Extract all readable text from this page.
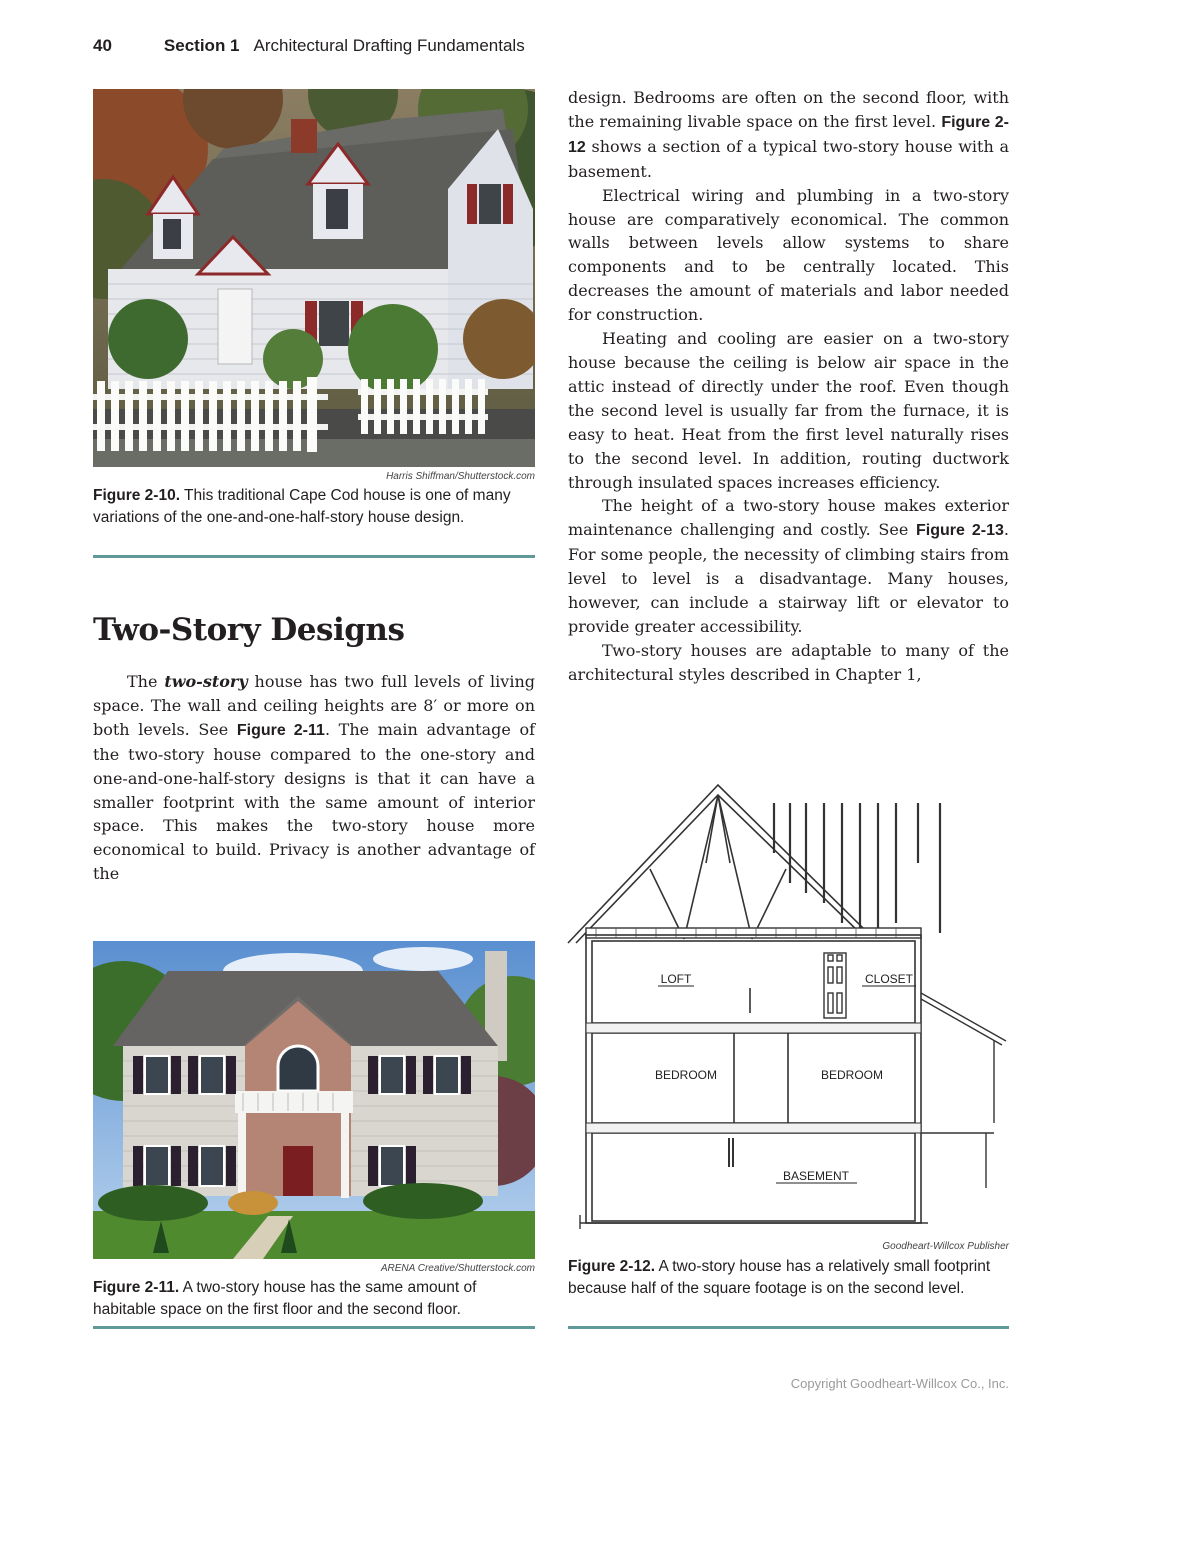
40	Section 1 Architectural Drafting Fundamentals
Harris Shiffman/Shutterstock.com
Figure 2-10. This traditional Cape Cod house is one of many variations of the one-and-one-half-story house design.
Two-Story Designs

The two-story house has two full levels of living space. The wall and ceiling heights are 8′ or more on both levels. See Figure 2-11. The main advantage of the two-story house compared to the one-story and one-and-one-half-story designs is that it can have a smaller footprint with the same amount of interior space. This makes the two-story house more economical to build. Privacy is another advantage of the

design. Bedrooms are often on the second floor, with the remaining livable space on the first level. Figure 2-12 shows a section of a typical two-story house with a basement.

Electrical wiring and plumbing in a two-story house are comparatively economical. The common walls between levels allow systems to share components and to be centrally located. This decreases the amount of materials and labor needed for construction.

Heating and cooling are easier on a two-story house because the ceiling is below air space in the attic instead of directly under the roof. Even though the second level is usually far from the furnace, it is easy to heat. Heat from the first level naturally rises to the second level. In addition, routing ductwork through insulated spaces increases efficiency.

The height of a two-story house makes exterior maintenance challenging and costly. See Figure 2-13. For some people, the necessity of climbing stairs from level to level is a disadvantage. Many houses, however, can include a stairway lift or elevator to provide greater accessibility.

Two-story houses are adaptable to many of the architectural styles described in Chapter 1,

ARENA Creative/Shutterstock.com
Figure 2-11. A two-story house has the same amount of habitable space on the first floor and the second floor.
LOFT	CLOSET
BEDROOM	BEDROOM
BASEMENT
Goodheart-Willcox Publisher
Figure 2-12. A two-story house has a relatively small footprint because half of the square footage is on the second level.
Copyright Goodheart-Willcox Co., Inc.
